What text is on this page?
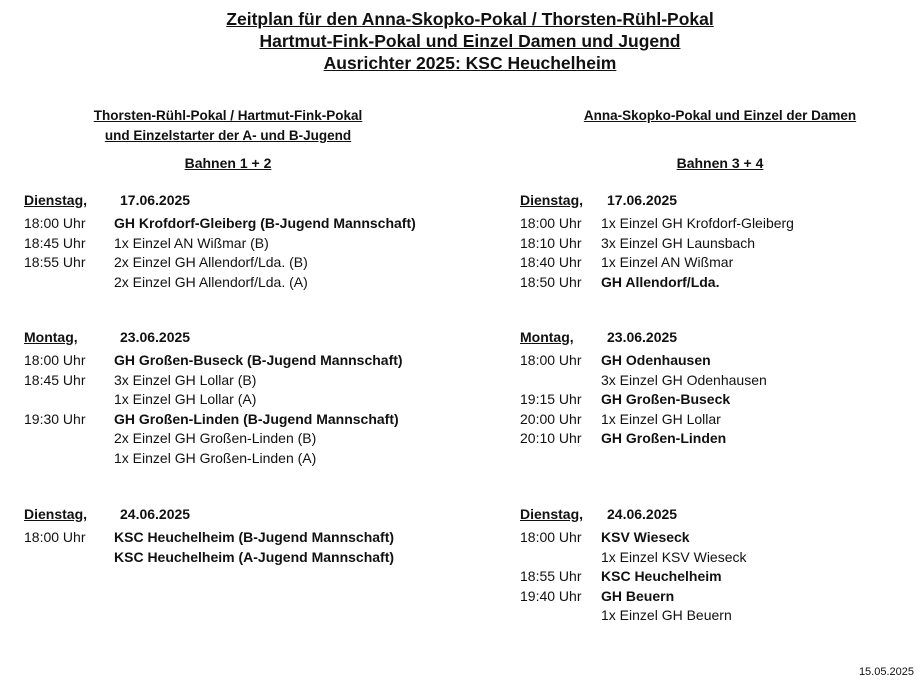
Zeitplan für den Anna-Skopko-Pokal / Thorsten-Rühl-Pokal
Hartmut-Fink-Pokal und Einzel Damen und Jugend
Ausrichter 2025: KSC Heuchelheim
Thorsten-Rühl-Pokal / Hartmut-Fink-Pokal
und Einzelstarter der A- und B-Jugend
Bahnen 1 + 2
Dienstag, 17.06.2025
18:00 Uhr GH Krofdorf-Gleiberg (B-Jugend Mannschaft)
18:45 Uhr 1x Einzel AN Wißmar (B)
18:55 Uhr 2x Einzel GH Allendorf/Lda. (B)
2x Einzel GH Allendorf/Lda. (A)
Montag,	23.06.2025
18:00 Uhr GH Großen-Buseck (B-Jugend Mannschaft)
18:45 Uhr 3x Einzel GH Lollar (B)
1x Einzel GH Lollar (A)
19:30 Uhr GH Großen-Linden (B-Jugend Mannschaft)
2x Einzel GH Großen-Linden (B)
1x Einzel GH Großen-Linden (A)
Dienstag, 24.06.2025
18:00 Uhr KSC Heuchelheim (B-Jugend Mannschaft)
KSC Heuchelheim (A-Jugend Mannschaft)
Anna-Skopko-Pokal und Einzel der Damen
Bahnen 3 + 4
Dienstag, 17.06.2025
18:00 Uhr 1x Einzel GH Krofdorf-Gleiberg
18:10 Uhr 3x Einzel GH Launsbach
18:40 Uhr 1x Einzel AN Wißmar
18:50 Uhr GH Allendorf/Lda.
Montag, 23.06.2025
18:00 Uhr GH Odenhausen
3x Einzel GH Odenhausen
19:15 Uhr GH Großen-Buseck
20:00 Uhr 1x Einzel GH Lollar
20:10 Uhr GH Großen-Linden
Dienstag, 24.06.2025
18:00 Uhr KSV Wieseck
1x Einzel KSV Wieseck
18:55 Uhr KSC Heuchelheim
19:40 Uhr GH Beuern
1x Einzel GH Beuern
15.05.2025
